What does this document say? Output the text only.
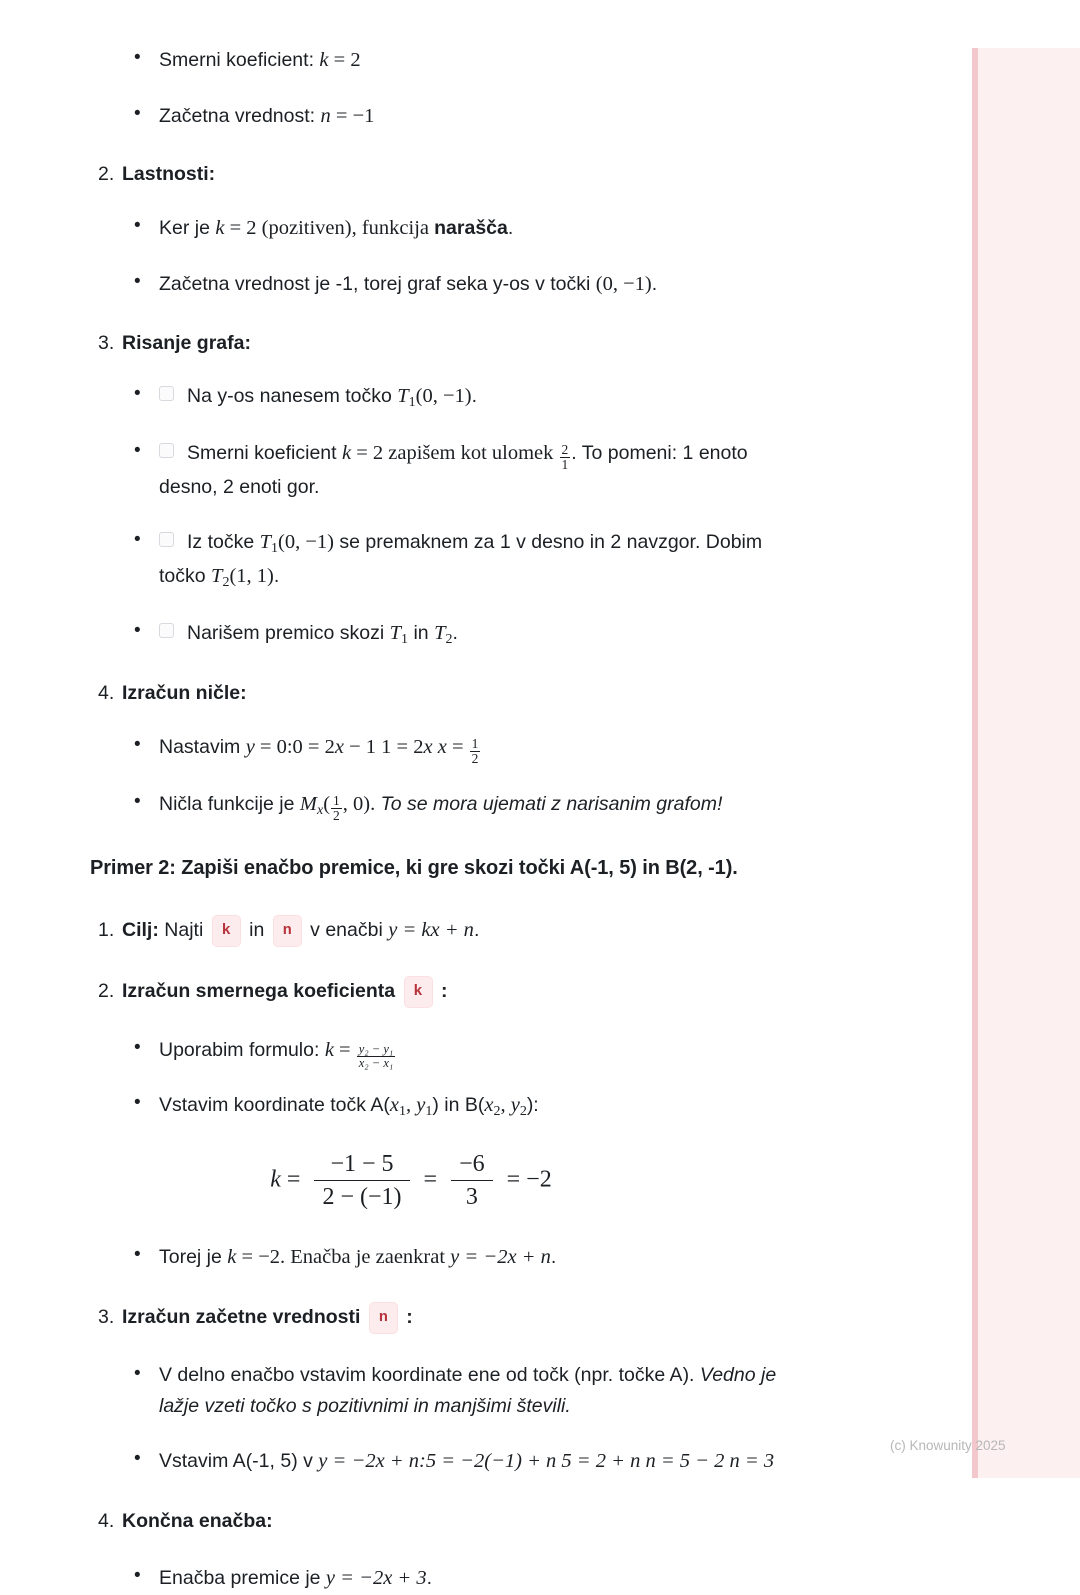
• Smerni koeficient: k = 2
• Začetna vrednost: n = −1
2. Lastnosti:
• Ker je k = 2 (pozitiven), funkcija narašča.
• Začetna vrednost je -1, torej graf seka y-os v točki (0, −1).
3. Risanje grafa:
• Na y-os nanesem točko $T_1(0$, −1).
• Smerni koeficient k = 2 zapišem kot ulomek $\frac{2}{1}$ . To pomeni: 1 enoto desno, 2 enoti gor.
• Iz točke $T_1(0$, −1) se premaknem za 1 v desno in 2 navzgor. Dobim točko $T_2(1$, 1).
• Narišem premico skozi $T_1$ in $T_2$.
4. Izračun ničle:
• Nastavim y = 0:0 = 2x − 1 1 = 2x $x = \frac{1}{2}$
• Ničla funkcije je $M_x( \frac{1}{2}$ , 0). To se mora ujemati z narisanim grafom!
Primer 2: Zapiši enačbo premice, ki gre skozi točki A(-1, 5) in B(2, -1).
1. Cilj: Najti k in n v enačbi y = kx + n.
2. Izračun smernega koeficienta k :
• Uporabim formulo: $k = \frac{\text{y₂ − y₁}}{\text{x₂ − x₁}}$
• Vstavim koordinate točk $A(x_1$, $y_1$) in $B(x_2$, $y_2$):
$k = \frac{-1 - 5}{2 - (-1)} = \frac{-6}{3} = -2$
• Torej je k = −2. Enačba je zaenkrat y = −2x + n.
3. Izračun začetne vrednosti n :
• V delno enačbo vstavim koordinate ene od točk (npr. točke A). Vedno je lažje vzeti točko s pozitivnimi in manjšimi števili.
• Vstavim A(-1, 5) v y = −2x + n:5 = −2(−1) + n 5 = 2 + n n = 5 − 2 n = 3
4. Končna enačba:
• Enačba premice je y = −2x + 3.
(c) Knowunity 2025
